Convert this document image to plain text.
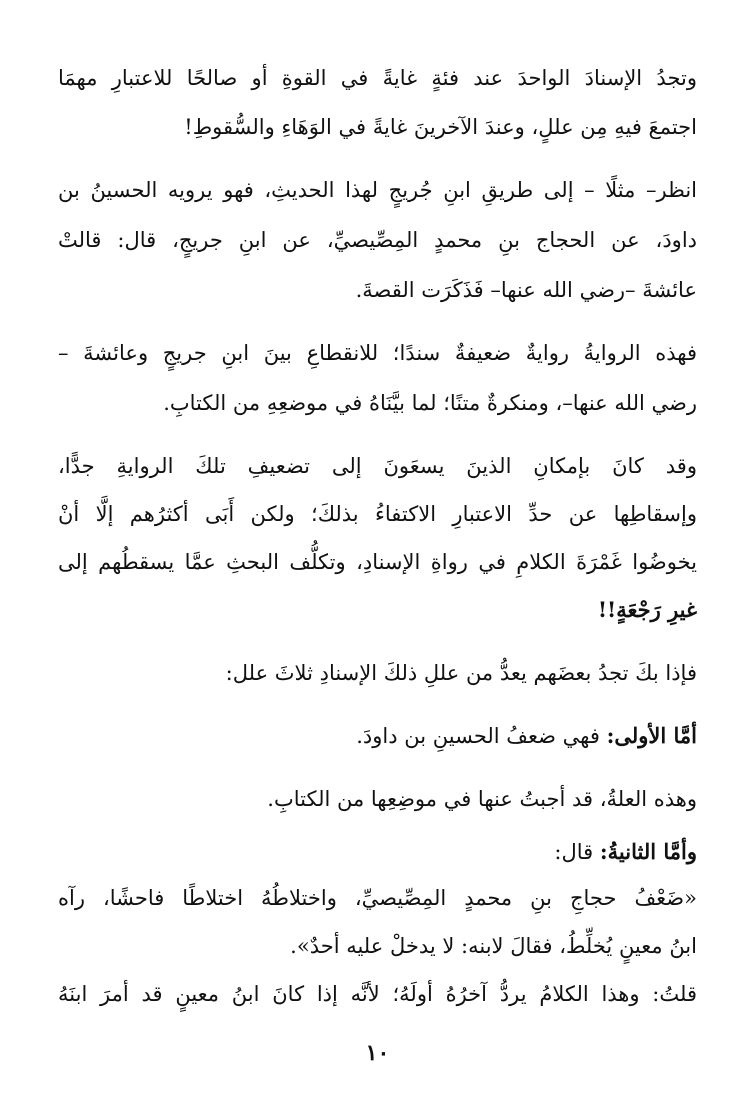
وتجدُ الإسنادَ الواحدَ عند فئةٍ غايةً في القوةِ أو صالحًا للاعتبارِ مهمَا
اجتمعَ فيهِ مِن عللٍ، وعندَ الآخرينَ غايةً في الوَهَاءِ والسُّقوطِ!
انظر– مثلًا – إلى طريقِ ابنِ جُريجٍ لهذا الحديثِ، فهو يرويه الحسينُ بن
داودَ، عن الحجاج بنِ محمدٍ المِصِّيصيِّ، عن ابنِ جريجٍ، قال: قالتْ
عائشةَ –رضي الله عنها– فَذَكَرَت القصةَ.
فهذه الروايةُ روايةٌ ضعيفةٌ سندًا؛ للانقطاعِ بينَ ابنِ جريجٍ وعائشةَ –
رضي الله عنها–، ومنكرةٌ متنًا؛ لما بيَّنَاهُ في موضعِهِ من الكتابِ.
وقد كانَ بإمكانِ الذينَ يسعَونَ إلى تضعيفِ تلكَ الروايةِ جدًّا،
وإسقاطِها عن حدِّ الاعتبارِ الاكتفاءُ بذلكَ؛ ولكن أَبَى أكثرُهم إلَّا أنْ
يخوضُوا غَمْرَةَ الكلامِ في رواةِ الإسنادِ، وتكلُّف البحثِ عمَّا يسقطُهم إلى
غيرِ رَجْعَةٍ!!
فإذا بكَ تجدُ بعضَهم يعدُّ من عللِ ذلكَ الإسنادِ ثلاثَ علل:
أمَّا الأولى: فهي ضعفُ الحسينِ بن داودَ.
وهذه العلةُ، قد أجبتُ عنها في موضِعِها من الكتابِ.
وأمَّا الثانيةُ: قال:
«ضَعْفُ حجاجِ بنِ محمدٍ المِصِّيصيِّ، واختلاطُهُ اختلاطًا فاحشًا، رآه
ابنُ معينٍ يُخلِّطُ، فقالَ لابنه: لا يدخلْ عليه أحدٌ».
قلتُ: وهذا الكلامُ يردُّ آخرُهُ أولَهُ؛ لأنَّه إذا كانَ ابنُ معينٍ قد أمرَ ابنَهُ
١٠
